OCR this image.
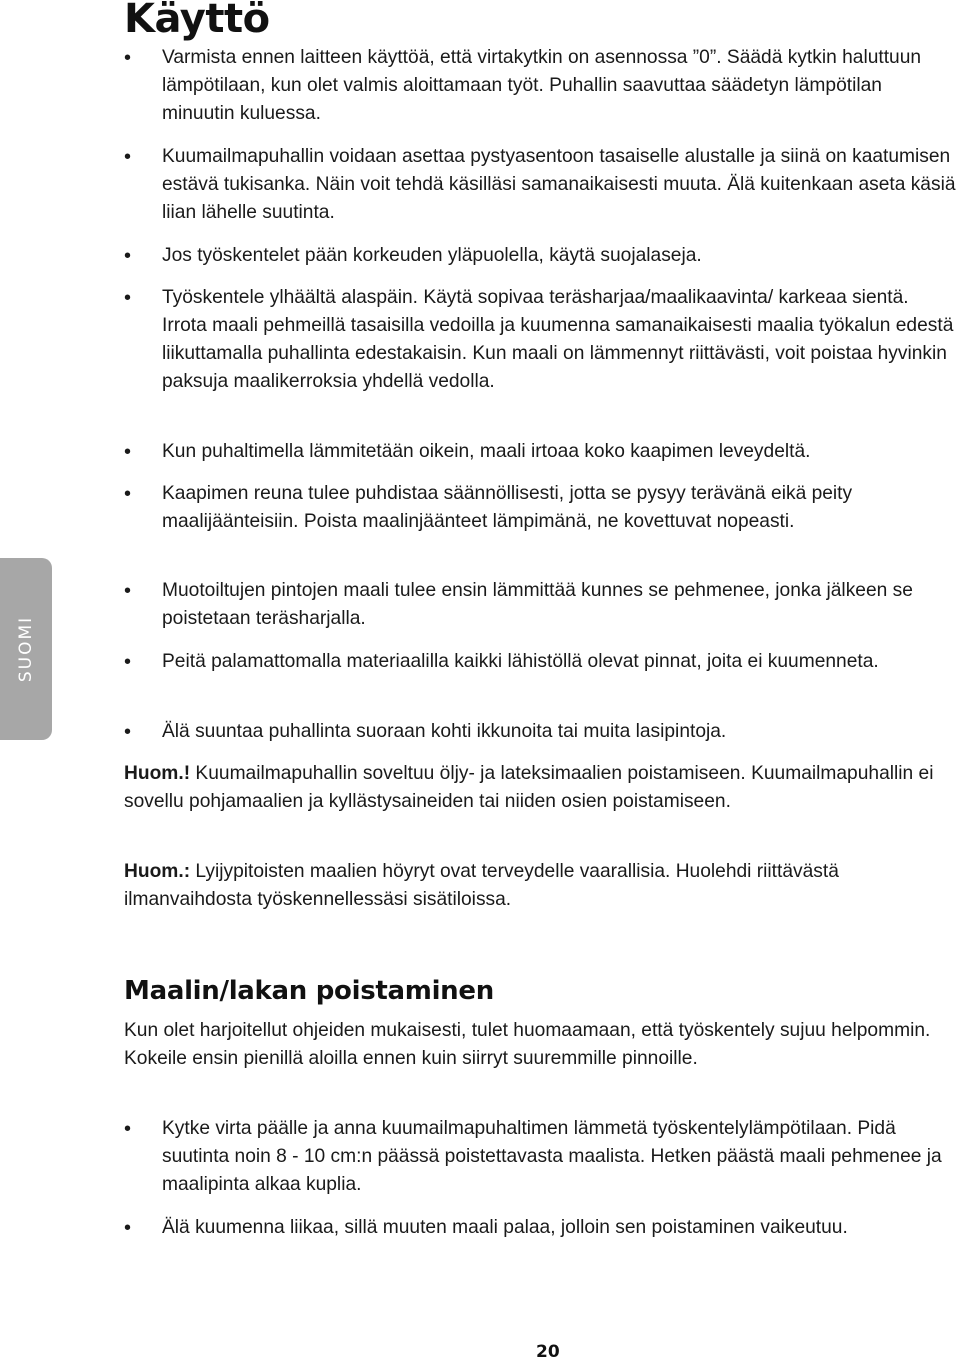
Käyttö
• Varmista ennen laitteen käyttöä, että virtakytkin on asennossa ”0”. Säädä kytkin haluttuun lämpötilaan, kun olet valmis aloittamaan työt. Puhallin saavuttaa säädetyn lämpötilan minuutin kuluessa.

• Kuumailmapuhallin voidaan asettaa pystyasentoon tasaiselle alustalle ja siinä on kaatumisen estävä tukisanka. Näin voit tehdä käsilläsi samanaikaisesti muuta. Älä kuitenkaan aseta käsiä liian lähelle suutinta.

• Jos työskentelet pään korkeuden yläpuolella, käytä suojalaseja.

• Työskentele ylhäältä alaspäin. Käytä sopivaa teräsharjaa/maalikaavinta/ karkeaa sientä. Irrota maali pehmeillä tasaisilla vedoilla ja kuumenna samanaikaisesti maalia työkalun edestä liikuttamalla puhallinta edestakaisin. Kun maali on lämmennyt riittävästi, voit poistaa hyvinkin paksuja maalikerroksia yhdellä vedolla.

• Kun puhaltimella lämmitetään oikein, maali irtoaa koko kaapimen leveydeltä.

• Kaapimen reuna tulee puhdistaa säännöllisesti, jotta se pysyy terävänä eikä peity maalijäänteisiin. Poista maalinjäänteet lämpimänä, ne kovettuvat nopeasti.

• Muotoiltujen pintojen maali tulee ensin lämmittää kunnes se pehmenee, jonka jälkeen se poistetaan teräsharjalla.

• Peitä palamattomalla materiaalilla kaikki lähistöllä olevat pinnat, joita ei kuumenneta.

• Älä suuntaa puhallinta suoraan kohti ikkunoita tai muita lasipintoja.

Huom.! Kuumailmapuhallin soveltuu öljy- ja lateksimaalien poistamiseen. Kuumailmapuhallin ei sovellu pohjamaalien ja kyllästysaineiden tai niiden osien poistamiseen.

Huom.: Lyijypitoisten maalien höyryt ovat terveydelle vaarallisia. Huolehdi riittävästä ilmanvaihdosta työskennellessäsi sisätiloissa.

Maalin/lakan poistaminen

Kun olet harjoitellut ohjeiden mukaisesti, tulet huomaamaan, että työskentely sujuu helpommin. Kokeile ensin pienillä aloilla ennen kuin siirryt suuremmille pinnoille.

• Kytke virta päälle ja anna kuumailmapuhaltimen lämmetä työskentelylämpötilaan. Pidä suutinta noin 8 - 10 cm:n päässä poistettavasta maalista. Hetken päästä maali pehmenee ja maalipinta alkaa kuplia.

• Älä kuumenna liikaa, sillä muuten maali palaa, jolloin sen poistaminen vaikeutuu.

SUOMI
20
